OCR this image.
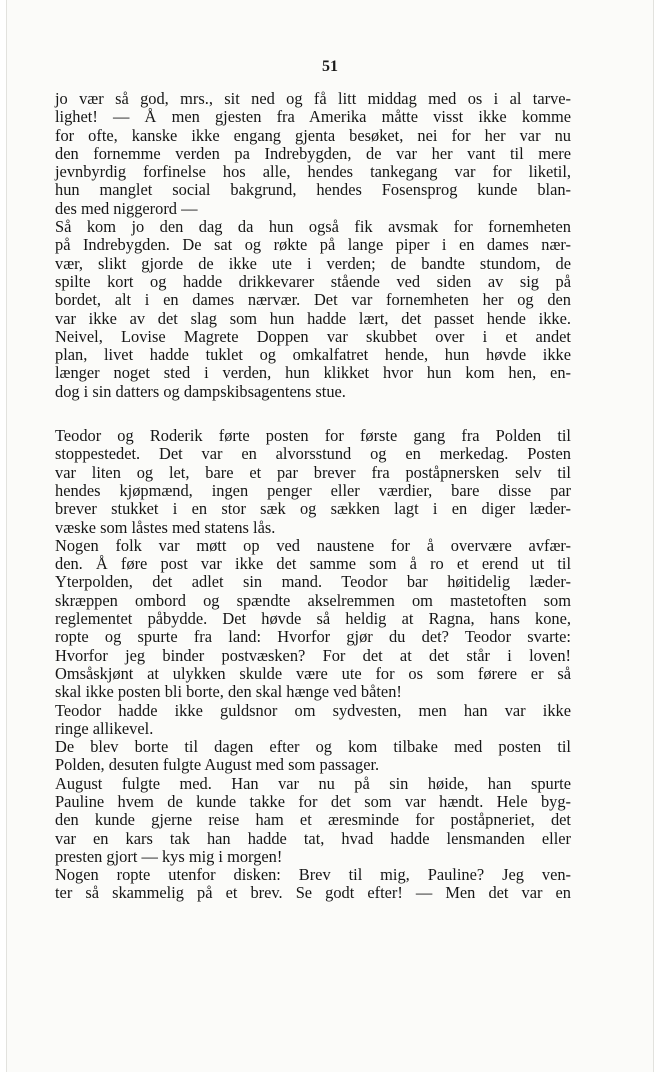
51
jo vær så god, mrs., sit ned og få litt middag med os i al tarve-
lighet! — Å men gjesten fra Amerika måtte visst ikke komme
for ofte, kanske ikke engang gjenta besøket, nei for her var nu
den fornemme verden pa Indrebygden, de var her vant til mere
jevnbyrdig forfinelse hos alle, hendes tankegang var for liketil,
hun manglet social bakgrund, hendes Fosensprog kunde blan-
des med niggerord —
Så kom jo den dag da hun også fik avsmak for fornemheten
på Indrebygden. De sat og røkte på lange piper i en dames nær-
vær, slikt gjorde de ikke ute i verden; de bandte stundom, de
spilte kort og hadde drikkevarer stående ved siden av sig på
bordet, alt i en dames nærvær. Det var fornemheten her og den
var ikke av det slag som hun hadde lært, det passet hende ikke.
Neivel, Lovise Magrete Doppen var skubbet over i et andet
plan, livet hadde tuklet og omkalfatret hende, hun høvde ikke
længer noget sted i verden, hun klikket hvor hun kom hen, en-
dog i sin datters og dampskibsagentens stue.
Teodor og Roderik førte posten for første gang fra Polden til
stoppestedet. Det var en alvorsstund og en merkedag. Posten
var liten og let, bare et par brever fra poståpnersken selv til
hendes kjøpmænd, ingen penger eller værdier, bare disse par
brever stukket i en stor sæk og sækken lagt i en diger læder-
væske som låstes med statens lås.
Nogen folk var møtt op ved naustene for å overvære avfær-
den. Å føre post var ikke det samme som å ro et erend ut til
Yterpolden, det adlet sin mand. Teodor bar høitidelig læder-
skræppen ombord og spændte akselremmen om mastetoften som
reglementet påbydde. Det høvde så heldig at Ragna, hans kone,
ropte og spurte fra land: Hvorfor gjør du det? Teodor svarte:
Hvorfor jeg binder postvæsken? For det at det står i loven!
Omsåskjønt at ulykken skulde være ute for os som førere er så
skal ikke posten bli borte, den skal hænge ved båten!
Teodor hadde ikke guldsnor om sydvesten, men han var ikke
ringe allikevel.
De blev borte til dagen efter og kom tilbake med posten til
Polden, desuten fulgte August med som passager.
August fulgte med. Han var nu på sin høide, han spurte
Pauline hvem de kunde takke for det som var hændt. Hele byg-
den kunde gjerne reise ham et æresminde for poståpneriet, det
var en kars tak han hadde tat, hvad hadde lensmanden eller
presten gjort — kys mig i morgen!
Nogen ropte utenfor disken: Brev til mig, Pauline? Jeg ven-
ter så skammelig på et brev. Se godt efter! — Men det var en
